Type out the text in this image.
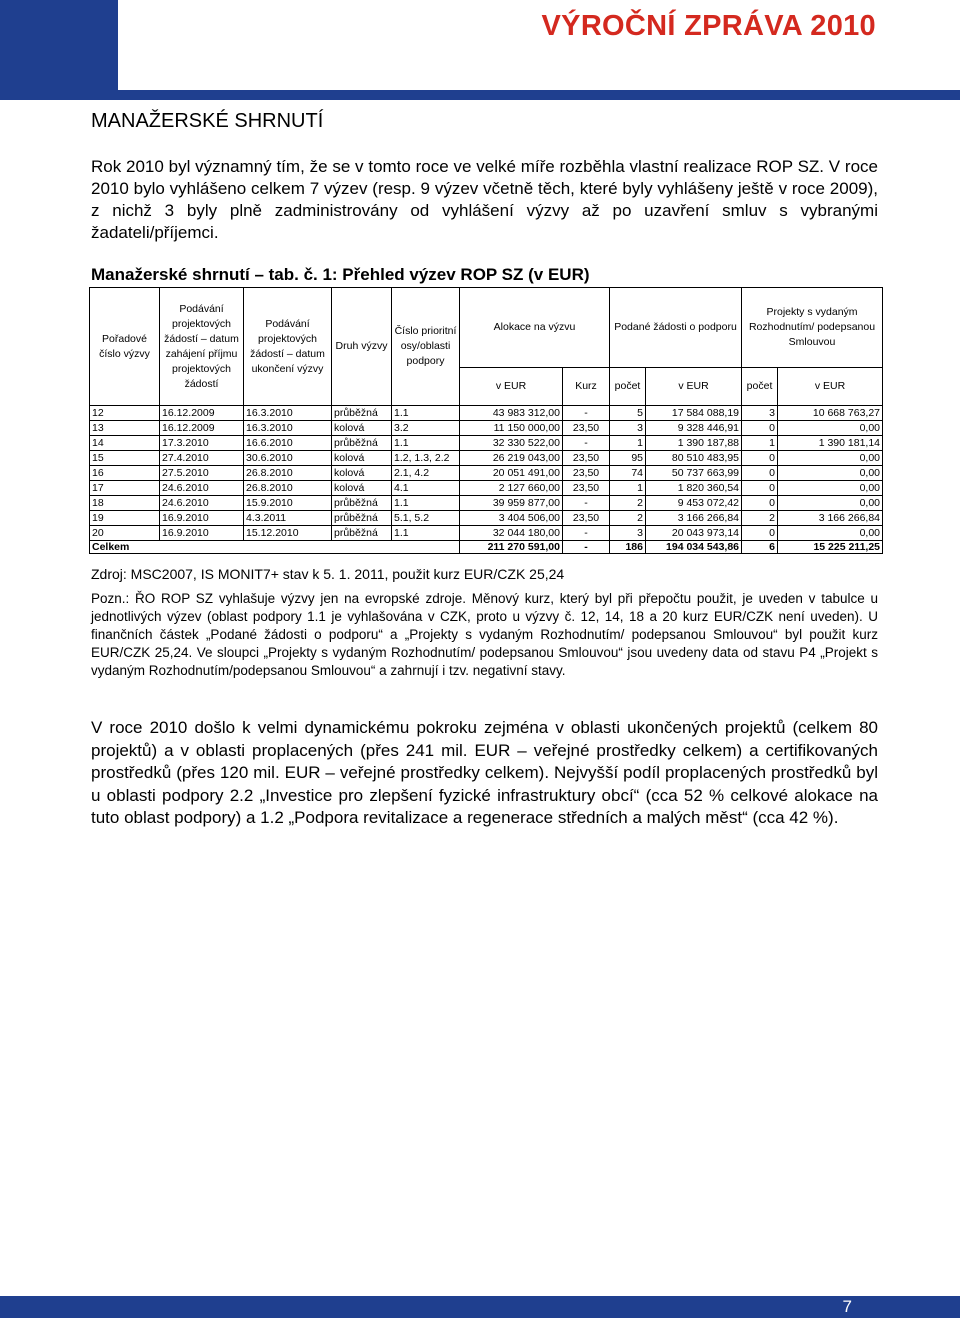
VÝROČNÍ ZPRÁVA 2010
MANAŽERSKÉ SHRNUTÍ

Rok 2010 byl významný tím, že se v tomto roce ve velké míře rozběhla vlastní realizace ROP SZ. V roce 2010 bylo vyhlášeno celkem 7 výzev (resp. 9 výzev včetně těch, které byly vyhlášeny ještě v roce 2009), z nichž 3 byly plně zadministrovány od vyhlášení výzvy až po uzavření smluv s vybranými žadateli/příjemci.

Manažerské shrnutí – tab. č. 1: Přehled výzev ROP SZ (v EUR)
Pořadové číslo výzvy	Podávání projektových žádostí – datum zahájení příjmu projektových žádostí	Podávání projektových žádostí – datum ukončení výzvy	Druh výzvy	Číslo prioritní osy/oblasti podpory	Alokace na výzvu		Podané žádosti o podporu		Projekty s vydaným Rozhodnutím/ podepsanou Smlouvou	
					v EUR	Kurz	počet	v EUR	počet	v EUR
12	16.12.2009	16.3.2010	průběžná	1.1	43 983 312,00	-	5	17 584 088,19	3	10 668 763,27
13	16.12.2009	16.3.2010	kolová	3.2	11 150 000,00	23,50	3	9 328 446,91	0	0,00
14	17.3.2010	16.6.2010	průběžná	1.1	32 330 522,00	-	1	1 390 187,88	1	1 390 181,14
15	27.4.2010	30.6.2010	kolová	1.2, 1.3, 2.2	26 219 043,00	23,50	95	80 510 483,95	0	0,00
16	27.5.2010	26.8.2010	kolová	2.1, 4.2	20 051 491,00	23,50	74	50 737 663,99	0	0,00
17	24.6.2010	26.8.2010	kolová	4.1	2 127 660,00	23,50	1	1 820 360,54	0	0,00
18	24.6.2010	15.9.2010	průběžná	1.1	39 959 877,00	-	2	9 453 072,42	0	0,00
19	16.9.2010	4.3.2011	průběžná	5.1, 5.2	3 404 506,00	23,50	2	3 166 266,84	2	3 166 266,84
20	16.9.2010	15.12.2010	průběžná	1.1	32 044 180,00	-	3	20 043 973,14	0	0,00
Celkem					211 270 591,00	-	186	194 034 543,86	6	15 225 211,25
Zdroj: MSC2007, IS MONIT7+ stav k 5. 1. 2011, použit kurz EUR/CZK 25,24

Pozn.: ŘO ROP SZ vyhlašuje výzvy jen na evropské zdroje. Měnový kurz, který byl při přepočtu použit, je uveden v tabulce u jednotlivých výzev (oblast podpory 1.1 je vyhlašována v CZK, proto u výzvy č. 12, 14, 18 a 20 kurz EUR/CZK není uveden). U finančních částek „Podané žádosti o podporu“ a „Projekty s vydaným Rozhodnutím/ podepsanou Smlouvou“ byl použit kurz EUR/CZK 25,24. Ve sloupci „Projekty s vydaným Rozhodnutím/ podepsanou Smlouvou“ jsou uvedeny data od stavu P4 „Projekt s vydaným Rozhodnutím/podepsanou Smlouvou“ a zahrnují i tzv. negativní stavy.

V roce 2010 došlo k velmi dynamickému pokroku zejména v oblasti ukončených projektů (celkem 80 projektů) a v oblasti proplacených (přes 241 mil. EUR – veřejné prostředky celkem) a certifikovaných prostředků (přes 120 mil. EUR – veřejné prostředky celkem). Nejvyšší podíl proplacených prostředků byl u oblasti podpory 2.2 „Investice pro zlepšení fyzické infrastruktury obcí“ (cca 52 % celkové alokace na tuto oblast podpory) a 1.2 „Podpora revitalizace a regenerace středních a malých měst“ (cca 42 %).

7
